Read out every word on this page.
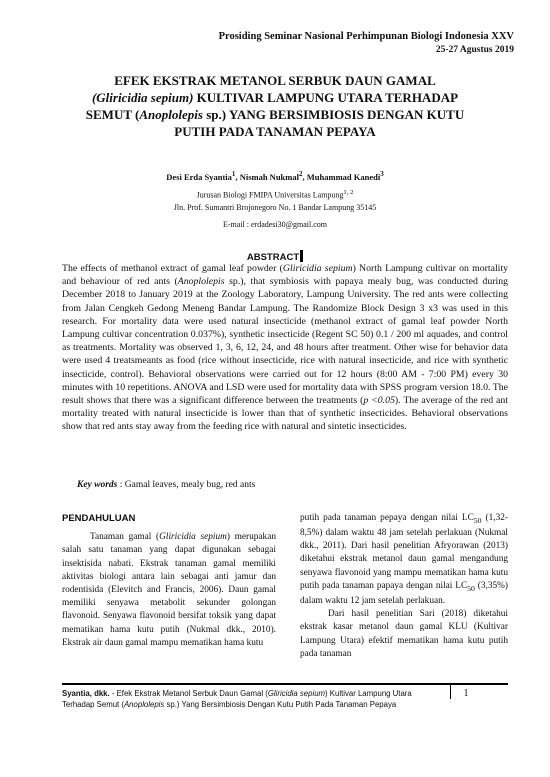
Prosiding Seminar Nasional Perhimpunan Biologi Indonesia XXV
25-27 Agustus 2019
EFEK EKSTRAK METANOL SERBUK DAUN GAMAL
(Gliricidia sepium) KULTIVAR LAMPUNG UTARA TERHADAP
SEMUT (Anoplolepis sp.) YANG BERSIMBIOSIS DENGAN KUTU
PUTIH PADA TANAMAN PEPAYA
Desi Erda Syantia$^1$, Nismah Nukmal$^2$, Muhammad Kanedi$^3$
Jurusan Biologi FMIPA Universitas Lampung$^{1, 2}$
Jln. Prof. Sumantri Brojonegoro No. 1 Bandar Lampung 35145
E-mail : erdadesi30@gmail.com
ABSTRACT
The effects of methanol extract of gamal leaf powder (Gliricidia sepium) North Lampung cultivar on mortality and behaviour of red ants (Anoplolepis sp.), that symbiosis with papaya mealy bug, was conducted during December 2018 to January 2019 at the Zoology Laboratory, Lampung University. The red ants were collecting from Jalan Cengkeh Gedong Meneng Bandar Lampung. The Randomize Block Design 3 x3 was used in this research. For mortality data were used natural insecticide (methanol extract of gamal leaf powder North Lampung cultivar concentration 0.037%), synthetic insecticide (Regent SC 50) 0.1 / 200 ml aquades, and control as treatments. Mortality was observed 1, 3, 6, 12, 24, and 48 hours after treatment. Other wise for behavior data were used 4 treatsmeants as food (rice without insecticide, rice with natural insecticide, and rice with synthetic insecticide, control). Behavioral observations were carried out for 12 hours (8:00 AM - 7:00 PM) every 30 minutes with 10 repetitions. ANOVA and LSD were used for mortality data with SPSS program version 18.0. The result shows that there was a significant difference between the treatments (p <0.05). The average of the red ant mortality treated with natural insecticide is lower than that of synthetic insecticides. Behavioral observations show that red ants stay away from the feeding rice with natural and sintetic insecticides.
Key words : Gamal leaves, mealy bug, red ants
PENDAHULUAN

Tanaman gamal (Gliricidia sepium) merupakan salah satu tanaman yang dapat digunakan sebagai insektisida nabati. Ekstrak tanaman gamal memiliki aktivitas biologi antara lain sebagai anti jamur dan rodentisida (Elevitch and Francis, 2006). Daun gamal memiliki senyawa metabolit sekunder golongan flavonoid. Senyawa flavonoid bersifat toksik yang dapat mematikan hama kutu putih (Nukmal dkk., 2010). Ekstrak air daun gamal mampu mematikan hama kutu

putih pada tanaman pepaya dengan nilai $LC_{50}$ (1,32-8,5%) dalam waktu 48 jam setelah perlakuan (Nukmal dkk., 2011). Dari hasil penelitian Afryorawan (2013) diketahui ekstrak metanol daun gamal mengandung senyawa flavonoid yang mampu mematikan hama kutu putih pada tanaman papaya dengan nilai $LC_{50}$ (3,35%) dalam waktu 12 jam setelah perlakuan.

Dari hasil penelitian Sari (2018) diketahui ekstrak kasar metanol daun gamal KLU (Kultivar Lampung Utara) efektif mematikan hama kutu putih pada tanaman

Syantia, dkk. - Efek Ekstrak Metanol Serbuk Daun Gamal (Gliricidia sepium) Kultivar Lampung Utara Terhadap Semut (Anoplolepis sp.) Yang Bersimbiosis Dengan Kutu Putih Pada Tanaman Pepaya
1
